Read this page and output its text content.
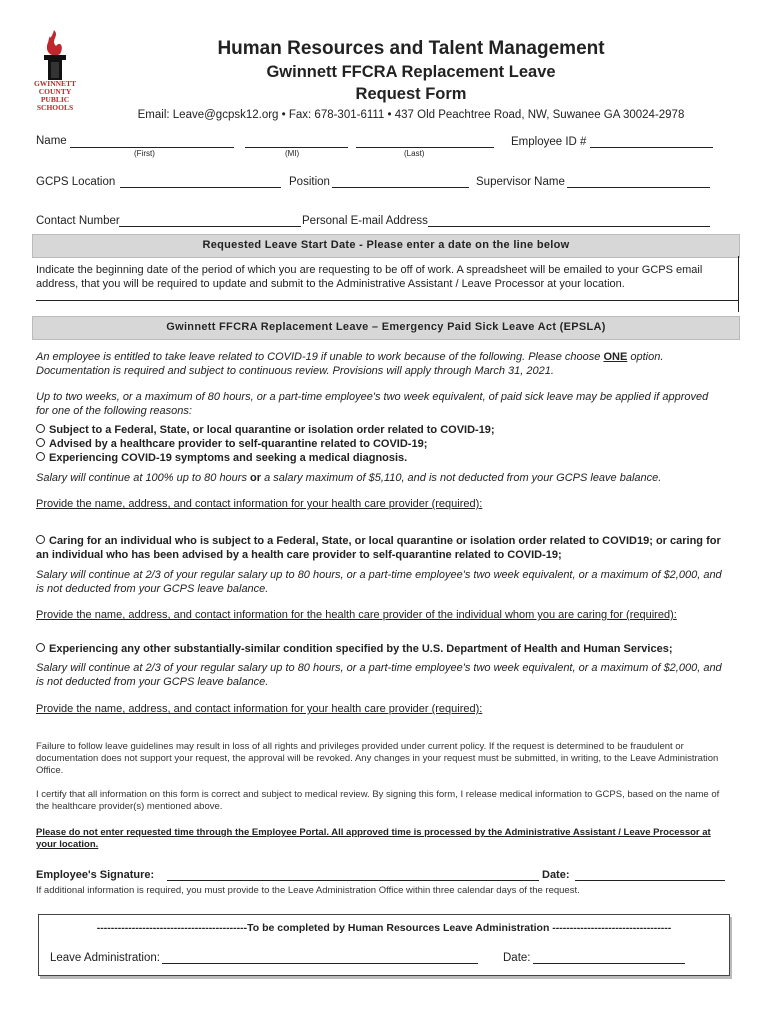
GWINNETT
COUNTY
PUBLIC
SCHOOLS
Human Resources and Talent Management
Gwinnett FFCRA Replacement Leave
Request Form
Email: Leave@gcpsk12.org • Fax: 678-301-6111 • 437 Old Peachtree Road, NW, Suwanee GA 30024-2978
Name
(First)	(MI)	(Last)
Employee ID #
GCPS Location	Position	Supervisor Name
Contact Number	Personal E-mail Address
Requested Leave Start Date - Please enter a date on the line below
Indicate the beginning date of the period of which you are requesting to be off of work. A spreadsheet will be emailed to your GCPS email address, that you will be required to update and submit to the Administrative Assistant / Leave Processor at your location.
Gwinnett FFCRA Replacement Leave – Emergency Paid Sick Leave Act (EPSLA)
An employee is entitled to take leave related to COVID-19 if unable to work because of the following. Please choose ONE option.
Documentation is required and subject to continuous review. Provisions will apply through March 31, 2021.
Up to two weeks, or a maximum of 80 hours, or a part-time employee's two week equivalent, of paid sick leave may be applied if approved for one of the following reasons:
Subject to a Federal, State, or local quarantine or isolation order related to COVID-19;
Advised by a healthcare provider to self-quarantine related to COVID-19;
Experiencing COVID-19 symptoms and seeking a medical diagnosis.
Salary will continue at 100% up to 80 hours or a salary maximum of $5,110, and is not deducted from your GCPS leave balance.
Provide the name, address, and contact information for your health care provider (required):
Caring for an individual who is subject to a Federal, State, or local quarantine or isolation order related to COVID19; or caring for an individual who has been advised by a health care provider to self-quarantine related to COVID-19;
Salary will continue at 2/3 of your regular salary up to 80 hours, or a part-time employee's two week equivalent, or a maximum of $2,000, and is not deducted from your GCPS leave balance.
Provide the name, address, and contact information for the health care provider of the individual whom you are caring for (required):
Experiencing any other substantially-similar condition specified by the U.S. Department of Health and Human Services;
Salary will continue at 2/3 of your regular salary up to 80 hours, or a part-time employee's two week equivalent, or a maximum of $2,000, and is not deducted from your GCPS leave balance.
Provide the name, address, and contact information for your health care provider (required):
Failure to follow leave guidelines may result in loss of all rights and privileges provided under current policy. If the request is determined to be fraudulent or documentation does not support your request, the approval will be revoked. Any changes in your request must be submitted, in writing, to the Leave Administration Office.
I certify that all information on this form is correct and subject to medical review. By signing this form, I release medical information to GCPS, based on the name of the healthcare provider(s) mentioned above.
Please do not enter requested time through the Employee Portal. All approved time is processed by the Administrative Assistant / Leave Processor at your location.
Employee's Signature:	Date:
If additional information is required, you must provide to the Leave Administration Office within three calendar days of the request.
-------------------------------------------To be completed by Human Resources Leave Administration ----------------------------------
Leave Administration:	Date:
